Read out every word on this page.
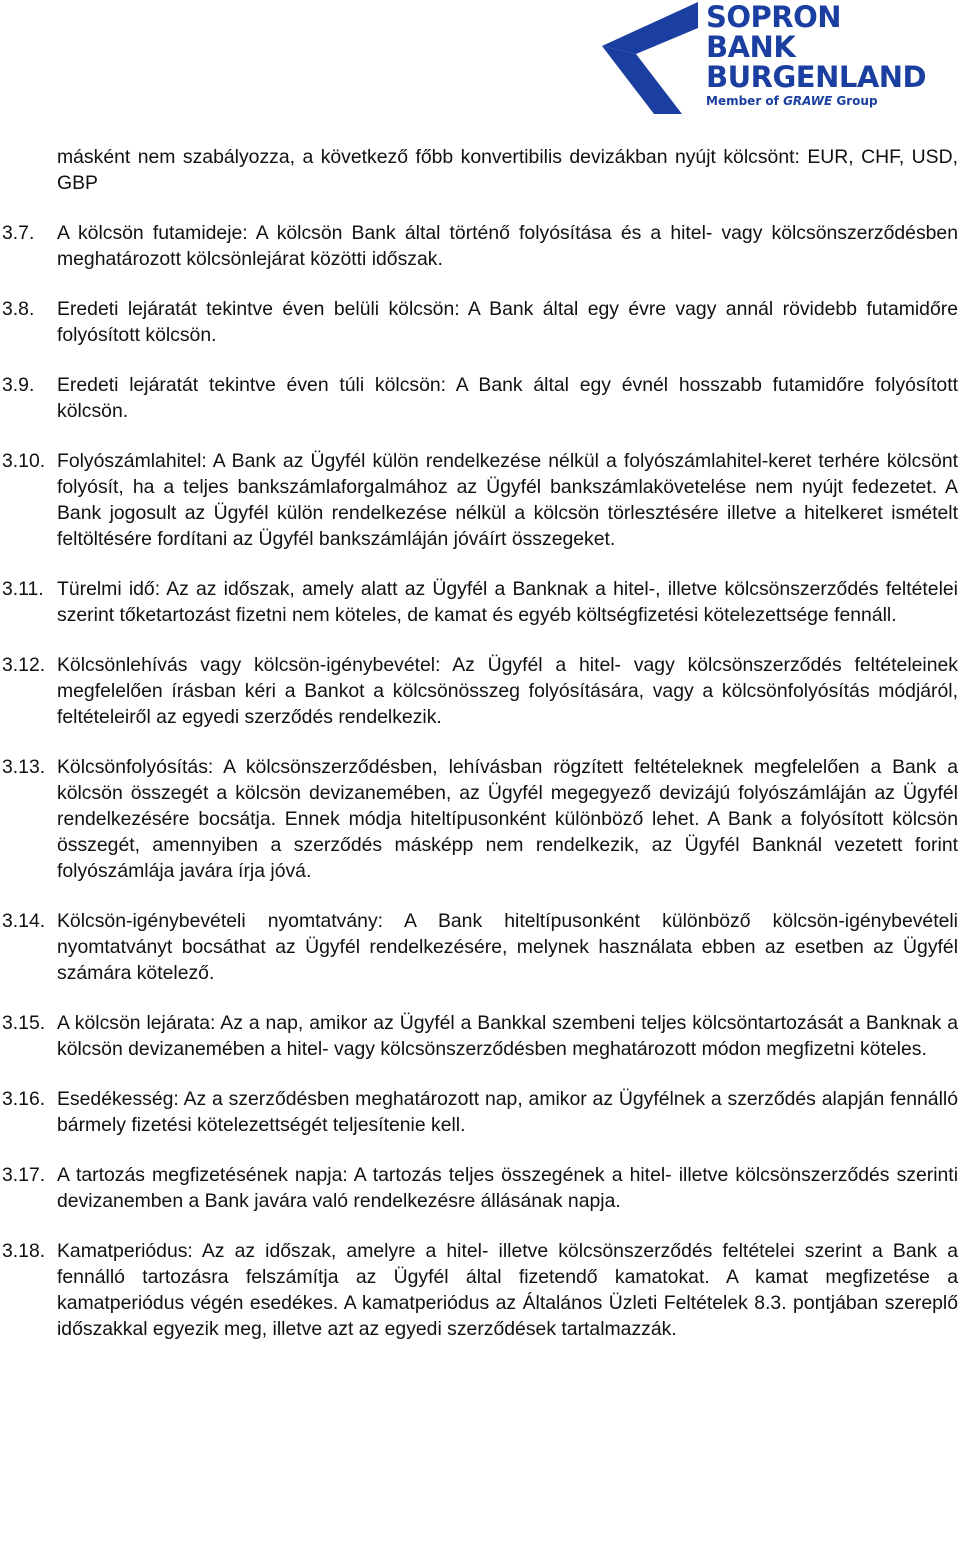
SOPRON
BANK
BURGENLAND
Member of GRAWE Group

másként nem szabályozza, a következő főbb konvertibilis devizákban nyújt kölcsönt: EUR, CHF, USD, GBP

3.7.	A kölcsön futamideje: A kölcsön Bank által történő folyósítása és a hitel- vagy kölcsönszerződésben meghatározott kölcsönlejárat közötti időszak.
3.8.	Eredeti lejáratát tekintve éven belüli kölcsön: A Bank által egy évre vagy annál rövidebb futamidőre folyósított kölcsön.
3.9.	Eredeti lejáratát tekintve éven túli kölcsön: A Bank által egy évnél hosszabb futamidőre folyósított kölcsön.
3.10. Folyószámlahitel: A Bank az Ügyfél külön rendelkezése nélkül a folyószámlahitel-keret terhére kölcsönt folyósít, ha a teljes bankszámlaforgalmához az Ügyfél bankszámlakövetelése nem nyújt fedezetet. A Bank jogosult az Ügyfél külön rendelkezése nélkül a kölcsön törlesztésére illetve a hitelkeret ismételt feltöltésére fordítani az Ügyfél bankszámláján jóváírt összegeket.
3.11. Türelmi idő: Az az időszak, amely alatt az Ügyfél a Banknak a hitel-, illetve kölcsönszerződés feltételei szerint tőketartozást fizetni nem köteles, de kamat és egyéb költségfizetési kötelezettsége fennáll.
3.12. Kölcsönlehívás vagy kölcsön-igénybevétel: Az Ügyfél a hitel- vagy kölcsönszerződés feltételeinek megfelelően írásban kéri a Bankot a kölcsönösszeg folyósítására, vagy a kölcsönfolyósítás módjáról, feltételeiről az egyedi szerződés rendelkezik.
3.13. Kölcsönfolyósítás: A kölcsönszerződésben, lehívásban rögzített feltételeknek megfelelően a Bank a kölcsön összegét a kölcsön devizanemében, az Ügyfél megegyező devizájú folyószámláján az Ügyfél rendelkezésére bocsátja. Ennek módja hiteltípusonként különböző lehet. A Bank a folyósított kölcsön összegét, amennyiben a szerződés másképp nem rendelkezik, az Ügyfél Banknál vezetett forint folyószámlája javára írja jóvá.
3.14. Kölcsön-igénybevételi nyomtatvány: A Bank hiteltípusonként különböző kölcsön-igénybevételi nyomtatványt bocsáthat az Ügyfél rendelkezésére, melynek használata ebben az esetben az Ügyfél számára kötelező.
3.15. A kölcsön lejárata: Az a nap, amikor az Ügyfél a Bankkal szembeni teljes kölcsöntartozását a Banknak a kölcsön devizanemében a hitel- vagy kölcsönszerződésben meghatározott módon megfizetni köteles.
3.16. Esedékesség: Az a szerződésben meghatározott nap, amikor az Ügyfélnek a szerződés alapján fennálló bármely fizetési kötelezettségét teljesítenie kell.
3.17. A tartozás megfizetésének napja: A tartozás teljes összegének a hitel- illetve kölcsönszerződés szerinti devizanemben a Bank javára való rendelkezésre állásának napja.
3.18. Kamatperiódus: Az az időszak, amelyre a hitel- illetve kölcsönszerződés feltételei szerint a Bank a fennálló tartozásra felszámítja az Ügyfél által fizetendő kamatokat. A kamat megfizetése a kamatperiódus végén esedékes. A kamatperiódus az Általános Üzleti Feltételek 8.3. pontjában szereplő időszakkal egyezik meg, illetve azt az egyedi szerződések tartalmazzák.
